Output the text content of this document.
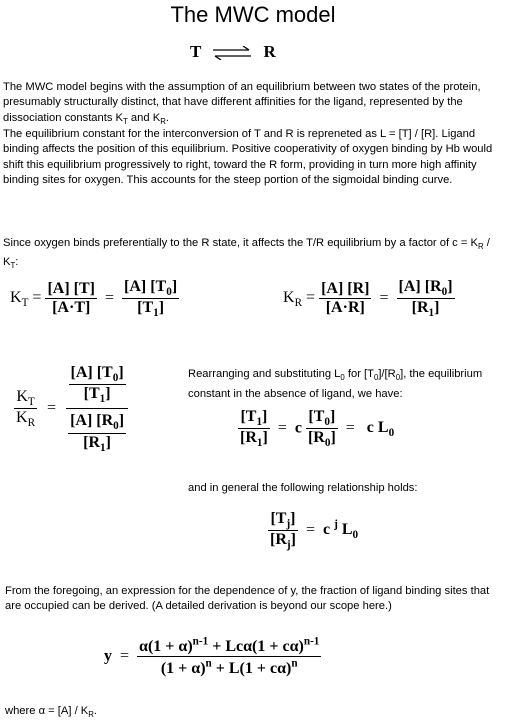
The MWC model
T ⇌ R
The MWC model begins with the assumption of an equilibrium between two states of the protein, presumably structurally distinct, that have different affinities for the ligand, represented by the dissociation constants $K_T$ and $K_R$.
The equilibrium constant for the interconversion of T and R is repreneted as L = [T] / [R]. Ligand binding affects the position of this equilibrium. Positive cooperativity of oxygen binding by Hb would shift this equilibrium progressively to right, toward the R form, providing in turn more high affinity binding sites for oxygen. This accounts for the steep portion of the sigmoidal binding curve.
Since oxygen binds preferentially to the R state, it affects the T/R equilibrium by a factor of $c = K_R / K_T$:
$K_T = \frac{[A] [T]}{[A\cdot T]} = \frac{[A] [T_0]}{[T_1]}$	$K_R = \frac{[A] [R]}{[A\cdot R]} = \frac{[A] [R_0]}{[R_1]}$
$\frac{K_T}{K_R} = \frac{\frac{[A] [T_0]}{[T_1]}}{\frac{[A] [R_0]}{[R_1]}}$	Rearranging and substituting $L_0$ for $[T_0]/[R_0]$, the equilibrium constant in the absence of ligand, we have:
$\frac{[T_1]}{[R_1]} = c \frac{[T_0]}{[R_0]} = c$ $L_0$
and in general the following relationship holds:
$\frac{[T_j]}{[R_j]} = c$ $^j$ $L_0$
From the foregoing, an expression for the dependence of y, the fraction of ligand binding sites that are occupied can be derived. (A detailed derivation is beyond our scope here.)
$y = \frac{\alpha(1 + \alpha)^{n-1} + Lc\alpha(1 + c\alpha)^{n-1}}{(1 + \alpha)^n + L(1 + c\alpha)^n}$
where $\alpha = [A] / K_R$.
